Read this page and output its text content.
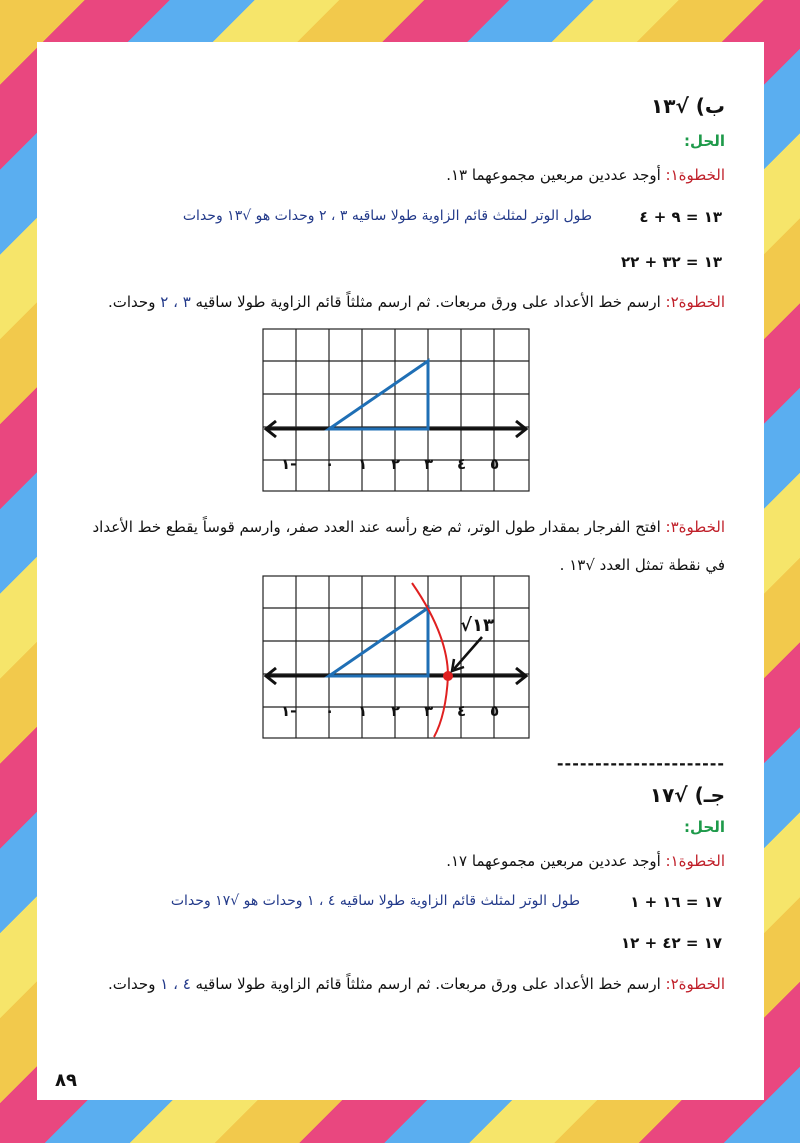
ب) √١٣
الحل:
الخطوة١: أوجد عددين مربعين مجموعهما ١٣.
١٣ = ٩ + ٤
طول الوتر لمثلث قائم الزاوية طولا ساقيه ٣ ، ٢ وحدات هو √١٣ وحدات
١٣ = ٣٢ + ٢٢
الخطوة٢: ارسم خط الأعداد على ورق مربعات. ثم ارسم مثلثاً قائم الزاوية طولا ساقيه ٣ ، ٢ وحدات.
١- ٠ ١ ٢ ٣ ٤ ٥
الخطوة٣: افتح الفرجار بمقدار طول الوتر، ثم ضع رأسه عند العدد صفر، وارسم قوساً يقطع خط الأعداد
في نقطة تمثل العدد √١٣ .
√١٣
١- ٠ ١ ٢ ٣ ٤ ٥
----------------------
جـ) √١٧
الحل:
الخطوة١: أوجد عددين مربعين مجموعهما ١٧.
١٧ = ١٦ + ١
طول الوتر لمثلث قائم الزاوية طولا ساقيه ٤ ، ١ وحدات هو √١٧ وحدات
١٧ = ٤٢ + ١٢
الخطوة٢: ارسم خط الأعداد على ورق مربعات. ثم ارسم مثلثاً قائم الزاوية طولا ساقيه ٤ ، ١ وحدات.
٨٩
